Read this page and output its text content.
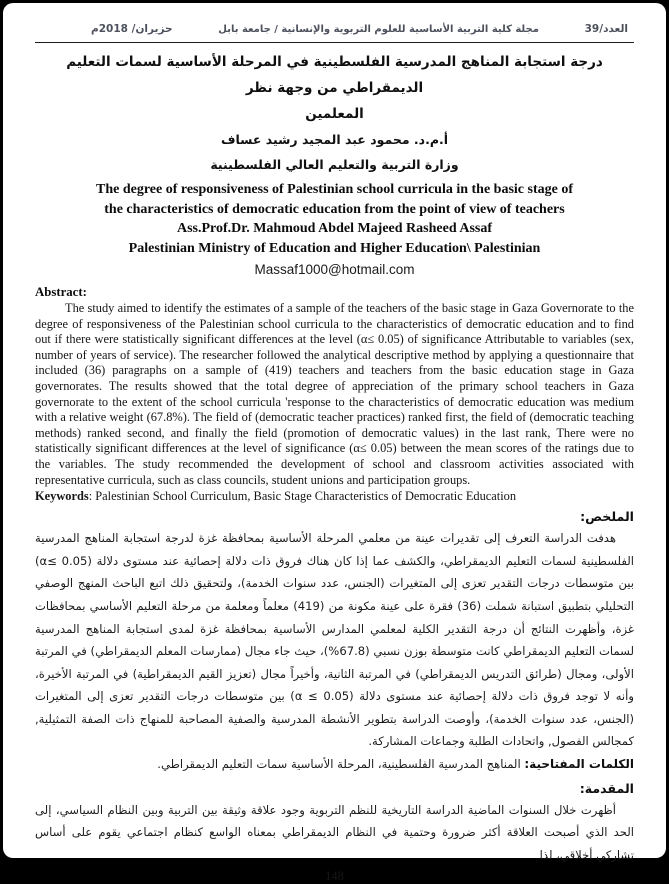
العدد/39
مجلة كلية التربية الأساسية للعلوم التربوية والإنسانية / جامعة بابل
حزيران/ 2018م
درجة استجابة المناهج المدرسية الفلسطينية في المرحلة الأساسية لسمات التعليم الديمقراطي من وجهة نظر
المعلمين
أ.م.د. محمود عبد المجيد رشيد عساف
وزارة التربية والتعليم العالي الفلسطينية
The degree of responsiveness of Palestinian school curricula in the basic stage of
the characteristics of democratic education from the point of view of teachers
Ass.Prof.Dr. Mahmoud Abdel Majeed Rasheed Assaf
Palestinian Ministry of Education and Higher Education\ Palestinian
Massaf1000@hotmail.com
Abstract:

The study aimed to identify the estimates of a sample of the teachers of the basic stage in Gaza Governorate to the degree of responsiveness of the Palestinian school curricula to the characteristics of democratic education and to find out if there were statistically significant differences at the level (α≤ 0.05) of significance Attributable to variables (sex, number of years of service). The researcher followed the analytical descriptive method by applying a questionnaire that included (36) paragraphs on a sample of (419) teachers and teachers from the basic education stage in Gaza governorates. The results showed that the total degree of appreciation of the primary school teachers in Gaza governorate to the extent of the school curricula 'response to the characteristics of democratic education was medium with a relative weight (67.8%). The field of (democratic teacher practices) ranked first, the field of (democratic teaching methods) ranked second, and finally the field (promotion of democratic values) in the last rank, There were no statistically significant differences at the level of significance (α≤ 0.05) between the mean scores of the ratings due to the variables. The study recommended the development of school and classroom activities associated with representative curricula, such as class councils, student unions and participation groups.

Keywords: Palestinian School Curriculum, Basic Stage Characteristics of Democratic Education

الملخص:

هدفت الدراسة التعرف إلى تقديرات عينة من معلمي المرحلة الأساسية بمحافظة غزة لدرجة استجابة المناهج المدرسية الفلسطينية لسمات التعليم الديمقراطي، والكشف عما إذا كان هناك فروق ذات دلالة إحصائية عند مستوى دلالة (0.05 ≥α) بين متوسطات درجات التقدير تعزى إلى المتغيرات (الجنس، عدد سنوات الخدمة)، ولتحقيق ذلك اتبع الباحث المنهج الوصفي التحليلي بتطبيق استبانة شملت (36) فقرة على عينة مكونة من (419) معلماً ومعلمة من مرحلة التعليم الأساسي بمحافظات غزة، وأظهرت النتائج أن درجة التقدير الكلية لمعلمي المدارس الأساسية بمحافظة غزة لمدى استجابة المناهج المدرسية لسمات التعليم الديمقراطي كانت متوسطة بوزن نسبي (67.8%)، حيث جاء مجال (ممارسات المعلم الديمقراطي) في المرتبة الأولى، ومجال (طرائق التدريس الديمقراطي) في المرتبة الثانية، وأخيراً مجال (تعزيز القيم الديمقراطية) في المرتبة الأخيرة، وأنه لا توجد فروق ذات دلالة إحصائية عند مستوى دلالة (0.05 ≥ α) بين متوسطات درجات التقدير تعزى إلى المتغيرات (الجنس، عدد سنوات الخدمة)، وأوصت الدراسة بتطوير الأنشطة المدرسية والصفية المصاحبة للمنهاج ذات الصفة التمثيلية, كمجالس الفصول, واتحادات الطلبة وجماعات المشاركة.

الكلمات المفتاحية: المناهج المدرسية الفلسطينية، المرحلة الأساسية سمات التعليم الديمقراطي.

المقدمة:

أظهرت خلال السنوات الماضية الدراسة التاريخية للنظم التربوية وجود علاقة وثيقة بين التربية وبين النظام السياسي، إلى الحد الذي أصبحت العلاقة أكثر ضرورة وحتمية في النظام الديمقراطي بمعناه الواسع كنظام اجتماعي يقوم على أساس تشاركي أخلاقي، لذا

148
